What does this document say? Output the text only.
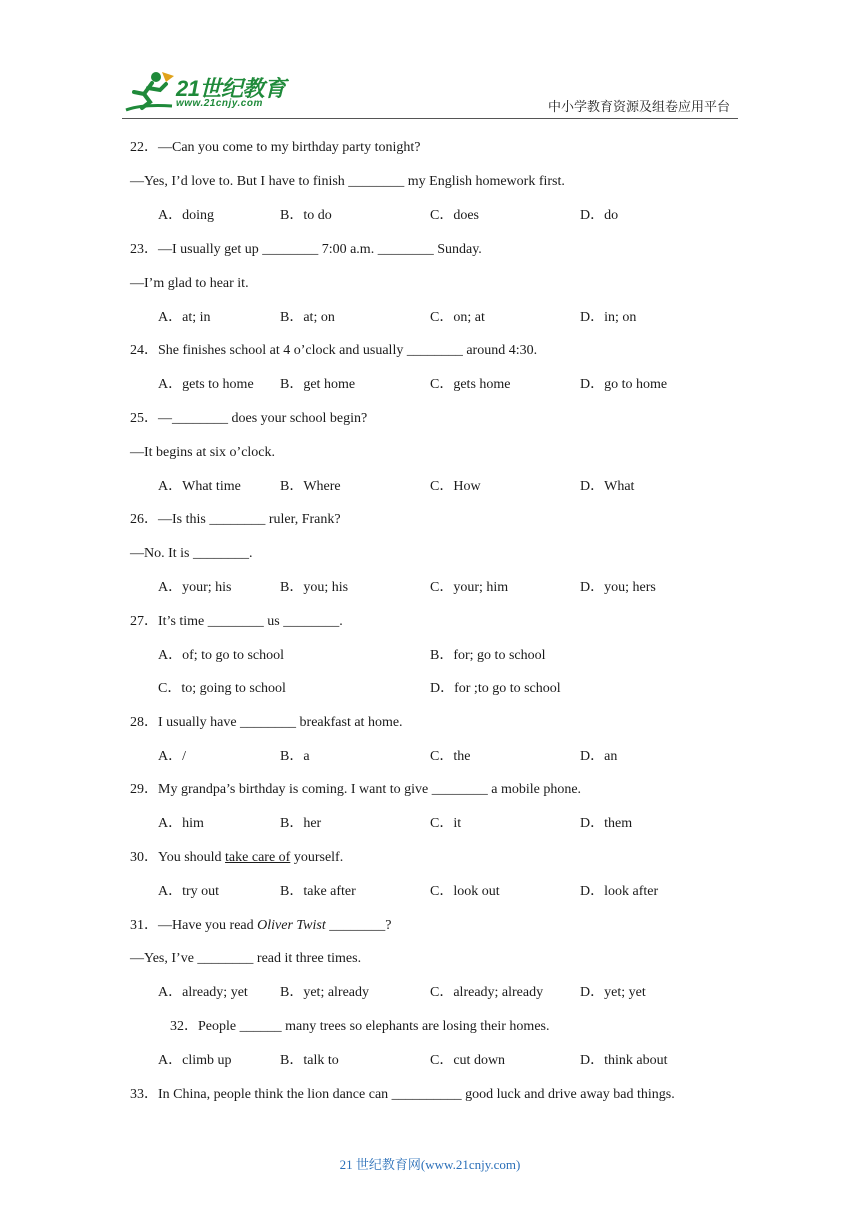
21世纪教育
www.21cnjy.com	中小学教育资源及组卷应用平台
22．—Can you come to my birthday party tonight?
—Yes, I’d love to. But I have to finish ________ my English homework first.
A．doing	B．to do	C．does	D．do
23．—I usually get up ________ 7:00 a.m. ________ Sunday.
—I’m glad to hear it.
A．at; in	B．at; on	C．on; at	D．in; on
24．She finishes school at 4 o’clock and usually ________ around 4:30.
A．gets to home B．get home	C．gets home	D．go to home
25．—________ does your school begin?
—It begins at six o’clock.
A．What time	B．Where	C．How	D．What
26．—Is this ________ ruler, Frank?
—No. It is ________.
A．your; his	B．you; his	C．your; him	D．you; hers
27．It’s time ________ us ________.
A．of; to go to school	B．for; go to school
C．to; going to school	D．for ;to go to school
28．I usually have ________ breakfast at home.
A．/	B．a	C．the	D．an
29．My grandpa’s birthday is coming. I want to give ________ a mobile phone.
A．him	B．her	C．it	D．them
30．You should take care of yourself.
A．try out	B．take after	C．look out	D．look after
31．—Have you read Oliver Twist ________?
—Yes, I’ve ________ read it three times.
A．already; yet B．yet; already	C．already; already	D．yet; yet
32．People ______ many trees so elephants are losing their homes.
A．climb up	B．talk to	C．cut down	D．think about
33．In China, people think the lion dance can __________ good luck and drive away bad things.
21 世纪教育网(www.21cnjy.com)
